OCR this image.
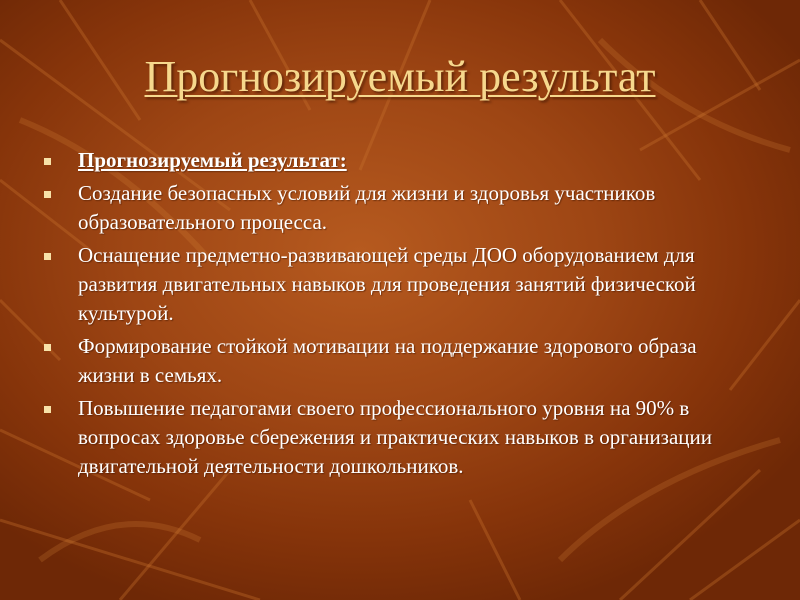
Прогнозируемый результат
Прогнозируемый результат:
Создание безопасных условий для жизни и здоровья участников образовательного процесса.
Оснащение предметно-развивающей среды ДОО оборудованием для развития двигательных навыков для проведения занятий физической культурой.
Формирование стойкой мотивации на поддержание здорового образа жизни в семьях.
Повышение педагогами своего профессионального уровня на 90% в вопросах здоровье сбережения и практических навыков в организации двигательной деятельности дошкольников.
